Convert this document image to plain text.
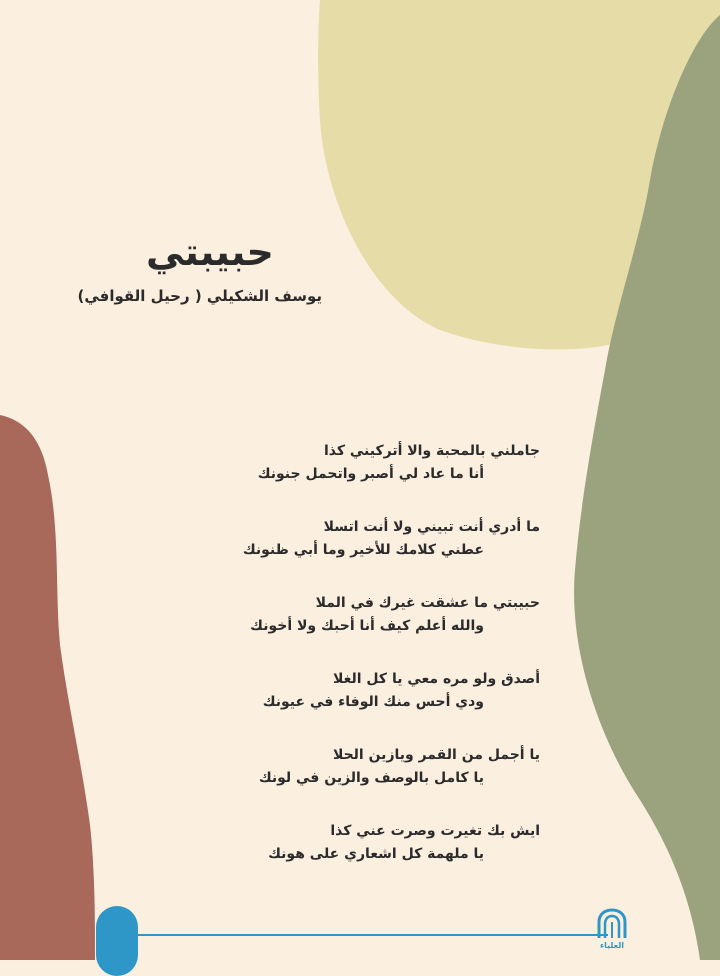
حبيبتي

يوسف الشكيلي ( رحيل القوافي)

جاملني بالمحبة والا أتركيني كذا
أنا ما عاد لي أصبر واتحمل جنونك
ما أدري أنت تبيني ولا أنت اتسلا
عطني كلامك للأخير وما أبي ظنونك
حبيبتي ما عشقت غيرك في الملا
والله أعلم كيف أنا أحبك ولا أخونك
أصدق ولو مره معي يا كل الغلا
ودي أحس منك الوفاء في عيونك
يا أجمل من القمر ويازين الحلا
يا كامل بالوصف والزين في لونك
ايش بك تغيرت وصرت عني كذا
يا ملهمة كل اشعاري على هونك
العلياء
